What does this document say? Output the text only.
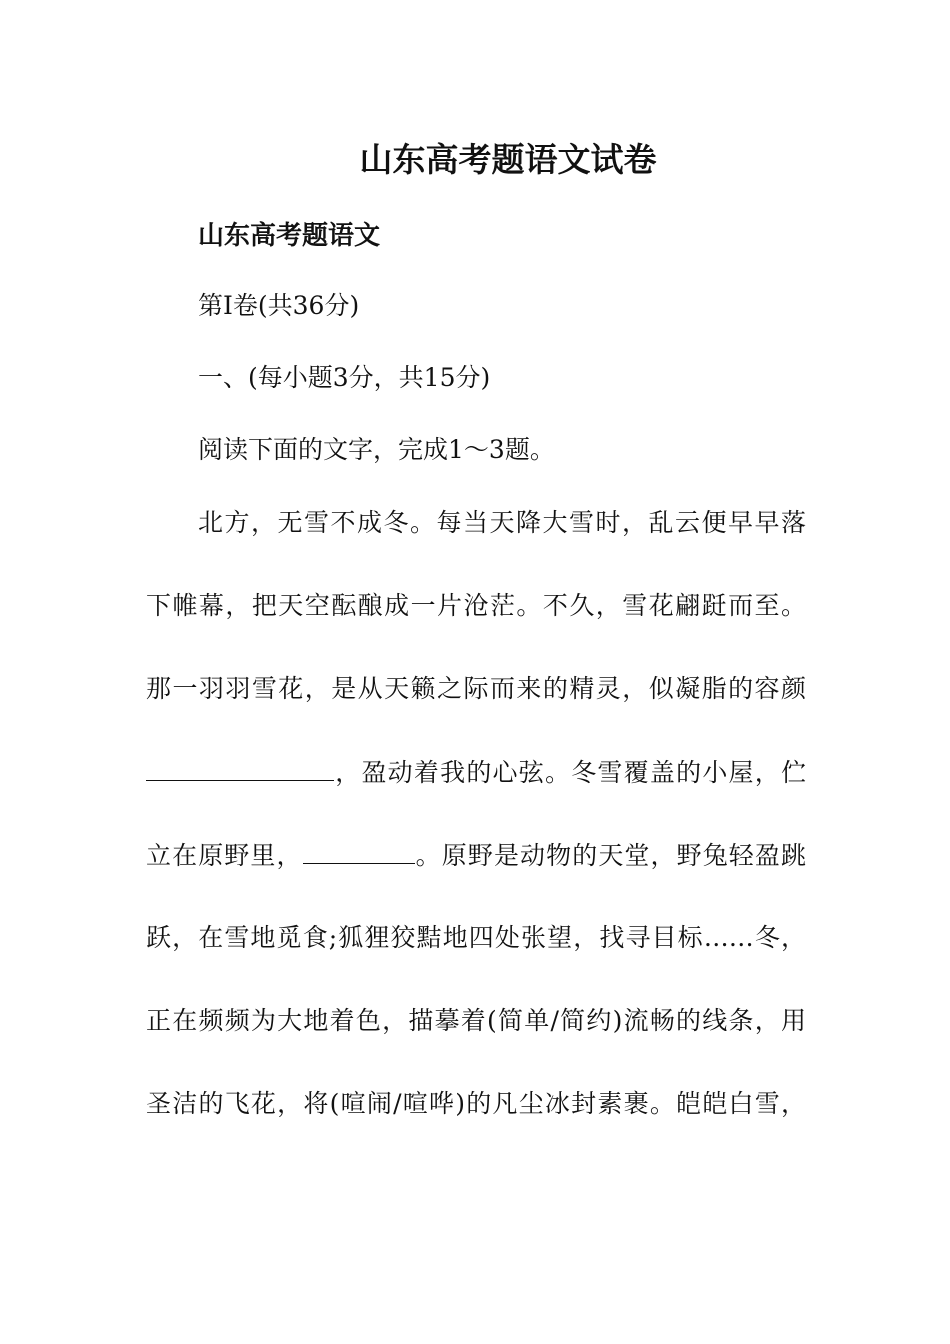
山东高考题语文试卷
山东高考题语文

第Ⅰ卷(共36分)

一、(每小题3分，共15分)

阅读下面的文字，完成1～3题。

北方，无雪不成冬。每当天降大雪时，乱云便早早落
下帷幕，把天空酝酿成一片沧茫。不久，雪花翩跹而至。
那一羽羽雪花，是从天籁之际而来的精灵，似凝脂的容颜
，盈动着我的心弦。冬雪覆盖的小屋，伫
立在原野里，	。原野是动物的天堂，野兔轻盈跳
跃，在雪地觅食;狐狸狡黠地四处张望，找寻目标……冬，
正在频频为大地着色，描摹着(简单/简约)流畅的线条，用
圣洁的飞花，将(喧闹/喧哗)的凡尘冰封素裹。皑皑白雪，
